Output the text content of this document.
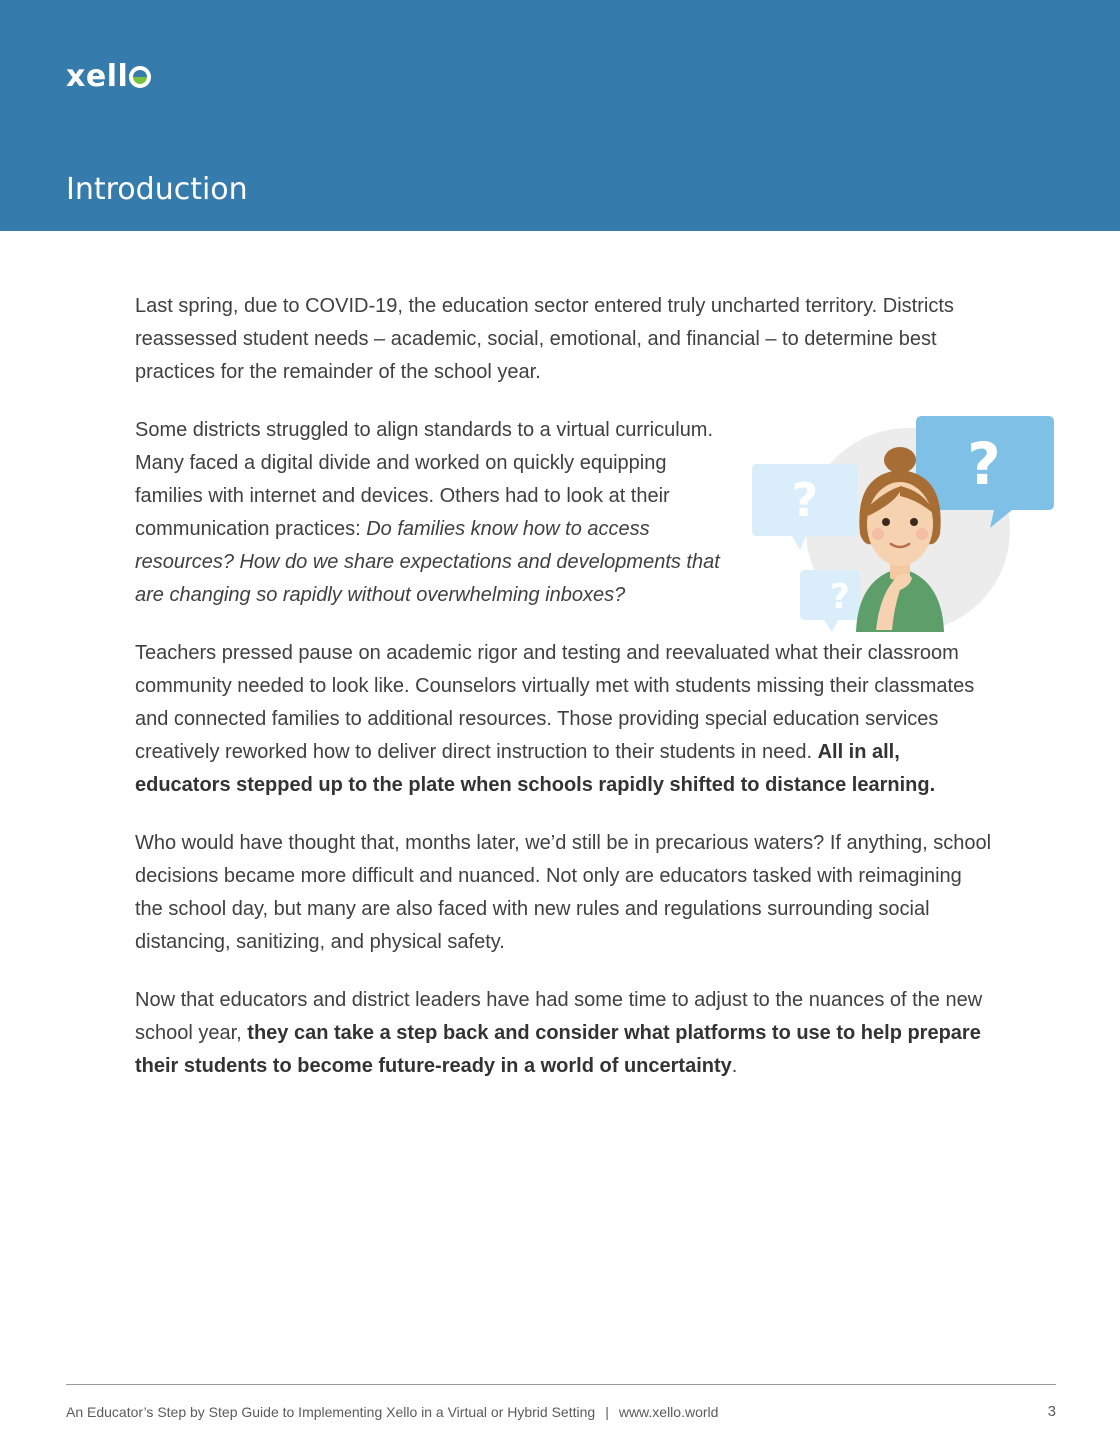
xell
Introduction

Last spring, due to COVID-19, the education sector entered truly uncharted territory. Districts reassessed student needs – academic, social, emotional, and financial – to determine best practices for the remainder of the school year.

Some districts struggled to align standards to a virtual curriculum. Many faced a digital divide and worked on quickly equipping families with internet and devices. Others had to look at their communication practices: Do families know how to access resources? How do we share expectations and developments that are changing so rapidly without overwhelming inboxes?

Teachers pressed pause on academic rigor and testing and reevaluated what their classroom community needed to look like. Counselors virtually met with students missing their classmates and connected families to additional resources. Those providing special education services creatively reworked how to deliver direct instruction to their students in need. All in all, educators stepped up to the plate when schools rapidly shifted to distance learning.

Who would have thought that, months later, we’d still be in precarious waters? If anything, school decisions became more difficult and nuanced. Not only are educators tasked with reimagining the school day, but many are also faced with new rules and regulations surrounding social distancing, sanitizing, and physical safety.

Now that educators and district leaders have had some time to adjust to the nuances of the new school year, they can take a step back and consider what platforms to use to help prepare their students to become future-ready in a world of uncertainty.

?
?
?
An Educator’s Step by Step Guide to Implementing Xello in a Virtual or Hybrid Setting | www.xello.world	3
